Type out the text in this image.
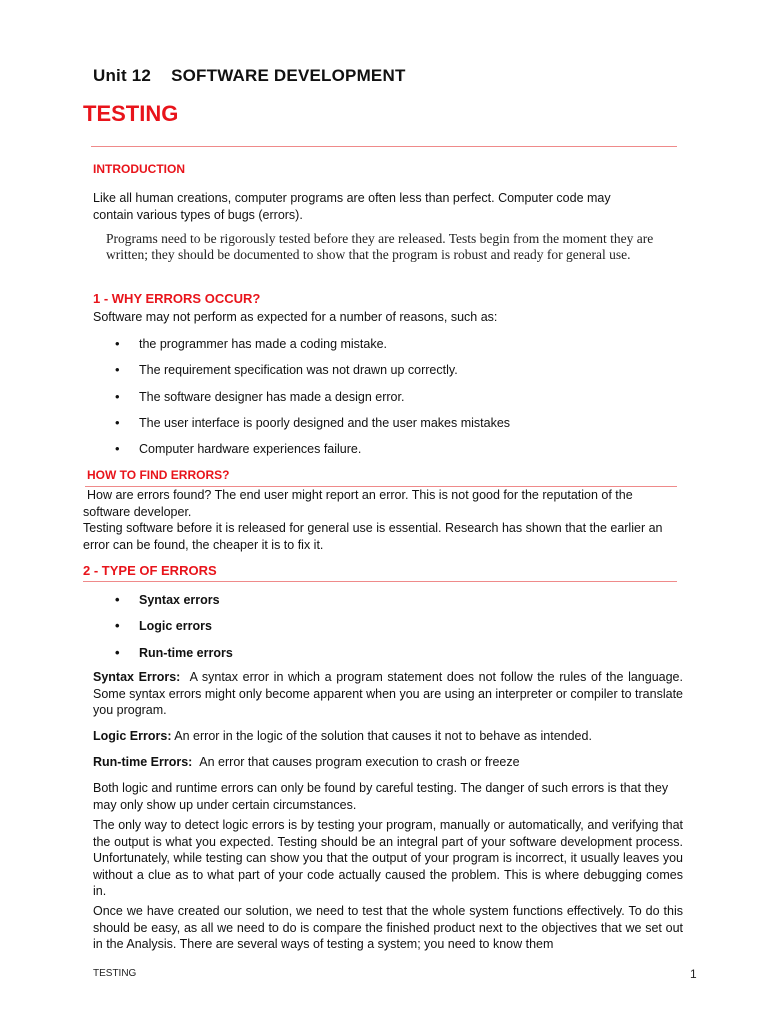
Unit 12 SOFTWARE DEVELOPMENT
TESTING
INTRODUCTION
Like all human creations, computer programs are often less than perfect. Computer code may contain various types of bugs (errors).
Programs need to be rigorously tested before they are released. Tests begin from the moment they are written; they should be documented to show that the program is robust and ready for general use.
1 - WHY ERRORS OCCUR?
Software may not perform as expected for a number of reasons, such as:
• the programmer has made a coding mistake.
• The requirement specification was not drawn up correctly.
• The software designer has made a design error.
• The user interface is poorly designed and the user makes mistakes
• Computer hardware experiences failure.
HOW TO FIND ERRORS?
How are errors found? The end user might report an error. This is not good for the reputation of the software developer.
Testing software before it is released for general use is essential. Research has shown that the earlier an error can be found, the cheaper it is to fix it.
2 - TYPE OF ERRORS
• Syntax errors
• Logic errors
• Run-time errors
Syntax Errors: A syntax error in which a program statement does not follow the rules of the language. Some syntax errors might only become apparent when you are using an interpreter or compiler to translate you program.
Logic Errors: An error in the logic of the solution that causes it not to behave as intended.
Run-time Errors: An error that causes program execution to crash or freeze
Both logic and runtime errors can only be found by careful testing. The danger of such errors is that they may only show up under certain circumstances.
The only way to detect logic errors is by testing your program, manually or automatically, and verifying that the output is what you expected. Testing should be an integral part of your software development process. Unfortunately, while testing can show you that the output of your program is incorrect, it usually leaves you without a clue as to what part of your code actually caused the problem. This is where debugging comes in.
Once we have created our solution, we need to test that the whole system functions effectively. To do this should be easy, as all we need to do is compare the finished product next to the objectives that we set out in the Analysis. There are several ways of testing a system; you need to know them
TESTING	1
